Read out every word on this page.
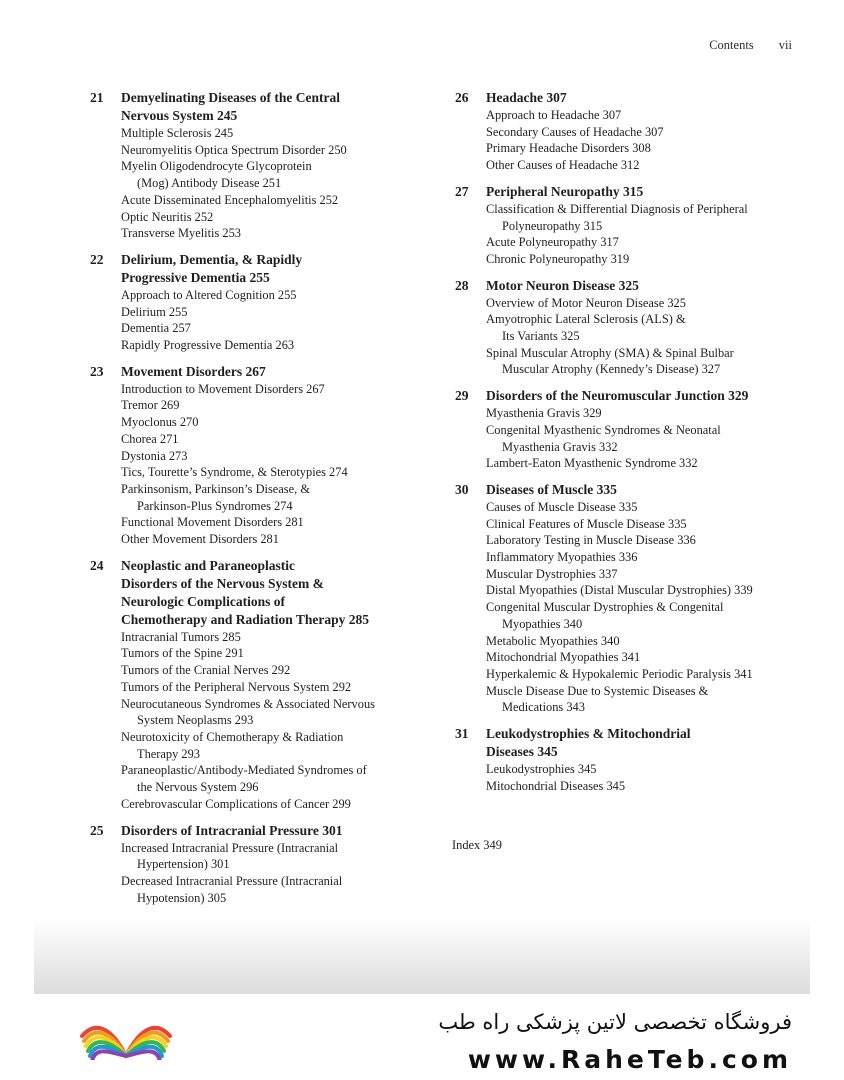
Contents vii
21	Demyelinating Diseases of the Central
Nervous System 245
Multiple Sclerosis 245
Neuromyelitis Optica Spectrum Disorder 250
Myelin Oligodendrocyte Glycoprotein
(Mog) Antibody Disease 251
Acute Disseminated Encephalomyelitis 252
Optic Neuritis 252
Transverse Myelitis 253
22	Delirium, Dementia, & Rapidly
Progressive Dementia 255
Approach to Altered Cognition 255
Delirium 255
Dementia 257
Rapidly Progressive Dementia 263
23	Movement Disorders 267
Introduction to Movement Disorders 267
Tremor 269
Myoclonus 270
Chorea 271
Dystonia 273
Tics, Tourette’s Syndrome, & Sterotypies 274
Parkinsonism, Parkinson’s Disease, &
Parkinson-Plus Syndromes 274
Functional Movement Disorders 281
Other Movement Disorders 281
24	Neoplastic and Paraneoplastic
Disorders of the Nervous System &
Neurologic Complications of
Chemotherapy and Radiation Therapy 285
Intracranial Tumors 285
Tumors of the Spine 291
Tumors of the Cranial Nerves 292
Tumors of the Peripheral Nervous System 292
Neurocutaneous Syndromes & Associated Nervous
System Neoplasms 293
Neurotoxicity of Chemotherapy & Radiation
Therapy 293
Paraneoplastic/Antibody-Mediated Syndromes of
the Nervous System 296
Cerebrovascular Complications of Cancer 299
25	Disorders of Intracranial Pressure 301
Increased Intracranial Pressure (Intracranial
Hypertension) 301
Decreased Intracranial Pressure (Intracranial
Hypotension) 305
26	Headache 307
Approach to Headache 307
Secondary Causes of Headache 307
Primary Headache Disorders 308
Other Causes of Headache 312
27	Peripheral Neuropathy 315
Classification & Differential Diagnosis of Peripheral
Polyneuropathy 315
Acute Polyneuropathy 317
Chronic Polyneuropathy 319
28	Motor Neuron Disease 325
Overview of Motor Neuron Disease 325
Amyotrophic Lateral Sclerosis (ALS) &
Its Variants 325
Spinal Muscular Atrophy (SMA) & Spinal Bulbar
Muscular Atrophy (Kennedy’s Disease) 327
29	Disorders of the Neuromuscular Junction 329
Myasthenia Gravis 329
Congenital Myasthenic Syndromes & Neonatal
Myasthenia Gravis 332
Lambert-Eaton Myasthenic Syndrome 332
30	Diseases of Muscle 335
Causes of Muscle Disease 335
Clinical Features of Muscle Disease 335
Laboratory Testing in Muscle Disease 336
Inflammatory Myopathies 336
Muscular Dystrophies 337
Distal Myopathies (Distal Muscular Dystrophies) 339
Congenital Muscular Dystrophies & Congenital
Myopathies 340
Metabolic Myopathies 340
Mitochondrial Myopathies 341
Hyperkalemic & Hypokalemic Periodic Paralysis 341
Muscle Disease Due to Systemic Diseases &
Medications 343
31	Leukodystrophies & Mitochondrial
Diseases 345
Leukodystrophies 345
Mitochondrial Diseases 345
Index 349
فروشگاه تخصصی لاتین پزشکی راه طب
www.RaheTeb.com
